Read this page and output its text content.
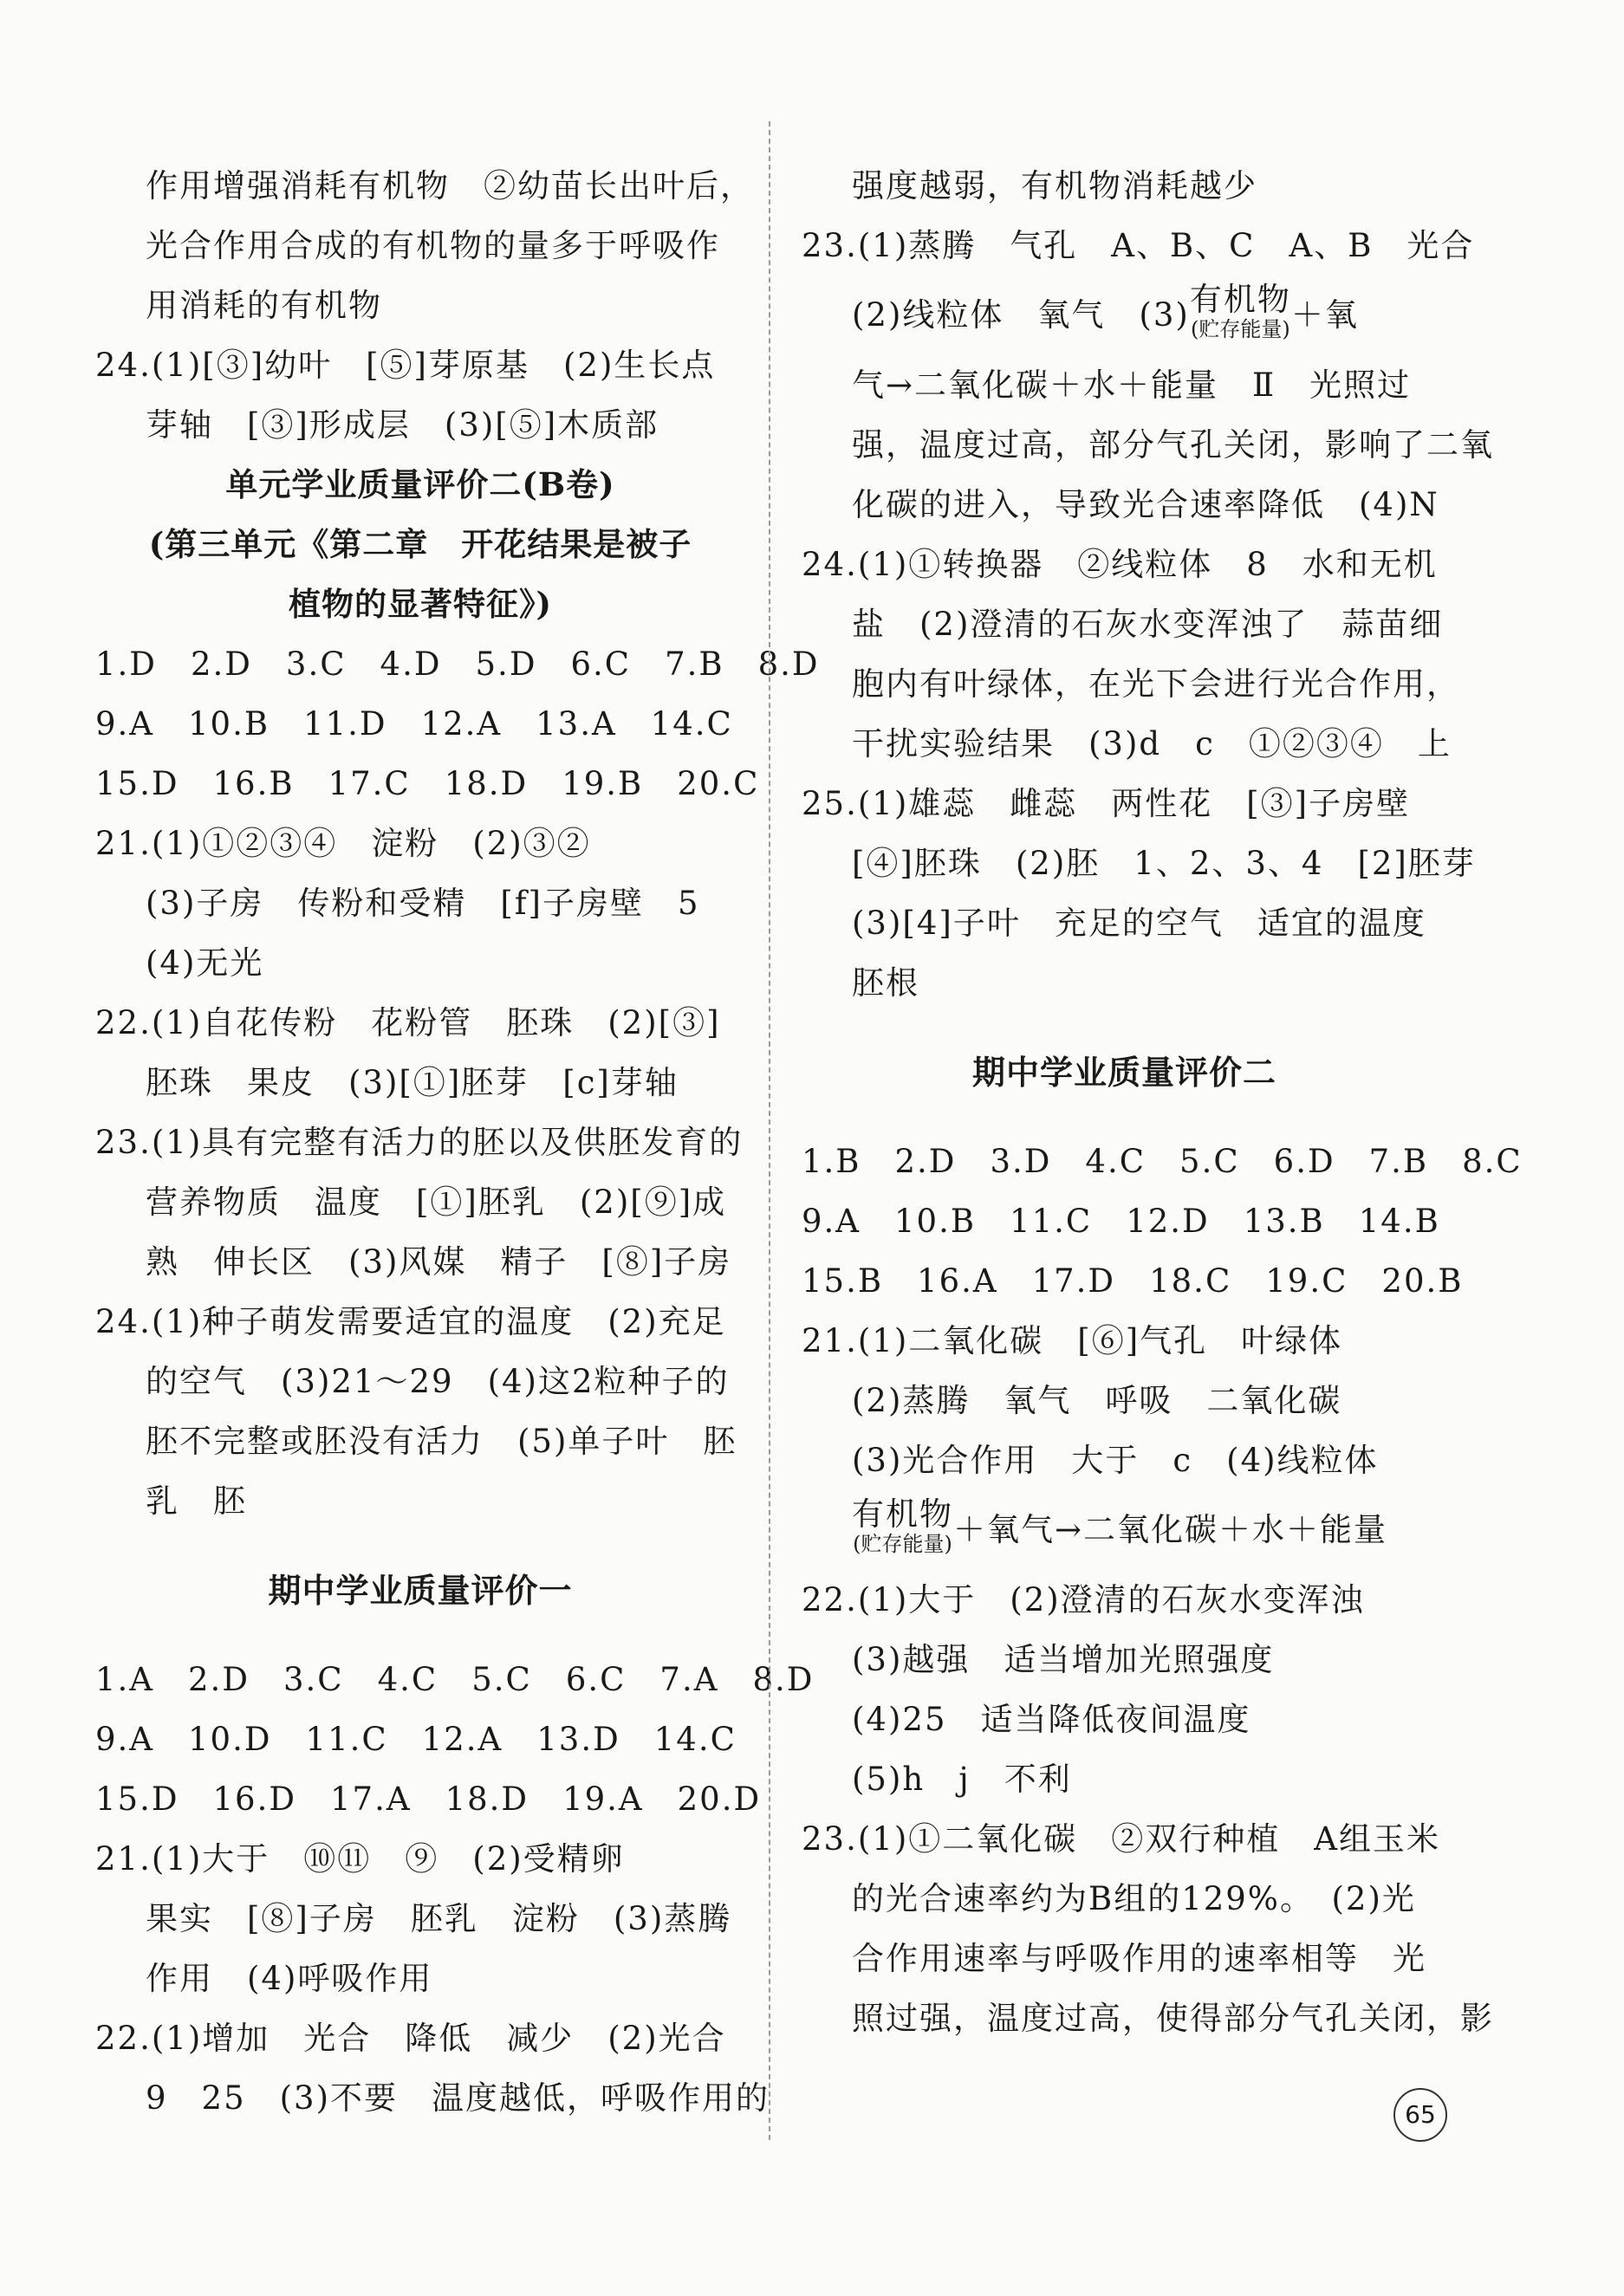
作用增强消耗有机物　②幼苗长出叶后，
光合作用合成的有机物的量多于呼吸作
用消耗的有机物
24.(1)[③]幼叶　[⑤]芽原基　(2)生长点
芽轴　[③]形成层　(3)[⑤]木质部
单元学业质量评价二(B卷)
(第三单元《第二章　开花结果是被子
植物的显著特征》)
1.D　2.D　3.C　4.D　5.D　6.C　7.B　8.D
9.A　10.B　11.D　12.A　13.A　14.C
15.D　16.B　17.C　18.D　19.B　20.C
21.(1)①②③④　淀粉　(2)③②
(3)子房　传粉和受精　[f]子房壁　5
(4)无光
22.(1)自花传粉　花粉管　胚珠　(2)[③]
胚珠　果皮　(3)[①]胚芽　[c]芽轴
23.(1)具有完整有活力的胚以及供胚发育的
营养物质　温度　[①]胚乳　(2)[⑨]成
熟　伸长区　(3)风媒　精子　[⑧]子房
24.(1)种子萌发需要适宜的温度　(2)充足
的空气　(3)21～29　(4)这2粒种子的
胚不完整或胚没有活力　(5)单子叶　胚
乳　胚
期中学业质量评价一
1.A　2.D　3.C　4.C　5.C　6.C　7.A　8.D
9.A　10.D　11.C　12.A　13.D　14.C
15.D　16.D　17.A　18.D　19.A　20.D
21.(1)大于　⑩⑪　⑨　(2)受精卵
果实　[⑧]子房　胚乳　淀粉　(3)蒸腾
作用　(4)呼吸作用
22.(1)增加　光合　降低　减少　(2)光合
9　25　(3)不要　温度越低，呼吸作用的
强度越弱，有机物消耗越少
23.(1)蒸腾　气孔　A、B、C　A、B　光合
(2)线粒体　氧气　(3) 有机物
(贮存能量) ＋氧
气→二氧化碳＋水＋能量　Ⅱ　光照过
强，温度过高，部分气孔关闭，影响了二氧
化碳的进入，导致光合速率降低　(4)N
24.(1)①转换器　②线粒体　8　水和无机
盐　(2)澄清的石灰水变浑浊了　蒜苗细
胞内有叶绿体，在光下会进行光合作用，
干扰实验结果　(3)d　c　①②③④　上
25.(1)雄蕊　雌蕊　两性花　[③]子房壁
[④]胚珠　(2)胚　1、2、3、4　[2]胚芽
(3)[4]子叶　充足的空气　适宜的温度
胚根
期中学业质量评价二
1.B　2.D　3.D　4.C　5.C　6.D　7.B　8.C
9.A　10.B　11.C　12.D　13.B　14.B
15.B　16.A　17.D　18.C　19.C　20.B
21.(1)二氧化碳　[⑥]气孔　叶绿体
(2)蒸腾　氧气　呼吸　二氧化碳
(3)光合作用　大于　c　(4)线粒体
有机物
(贮存能量) ＋氧气→二氧化碳＋水＋能量
22.(1)大于　(2)澄清的石灰水变浑浊
(3)越强　适当增加光照强度
(4)25　适当降低夜间温度
(5)h　j　不利
23.(1)①二氧化碳　②双行种植　A组玉米
的光合速率约为B组的129%。　(2)光
合作用速率与呼吸作用的速率相等　光
照过强，温度过高，使得部分气孔关闭，影
65
